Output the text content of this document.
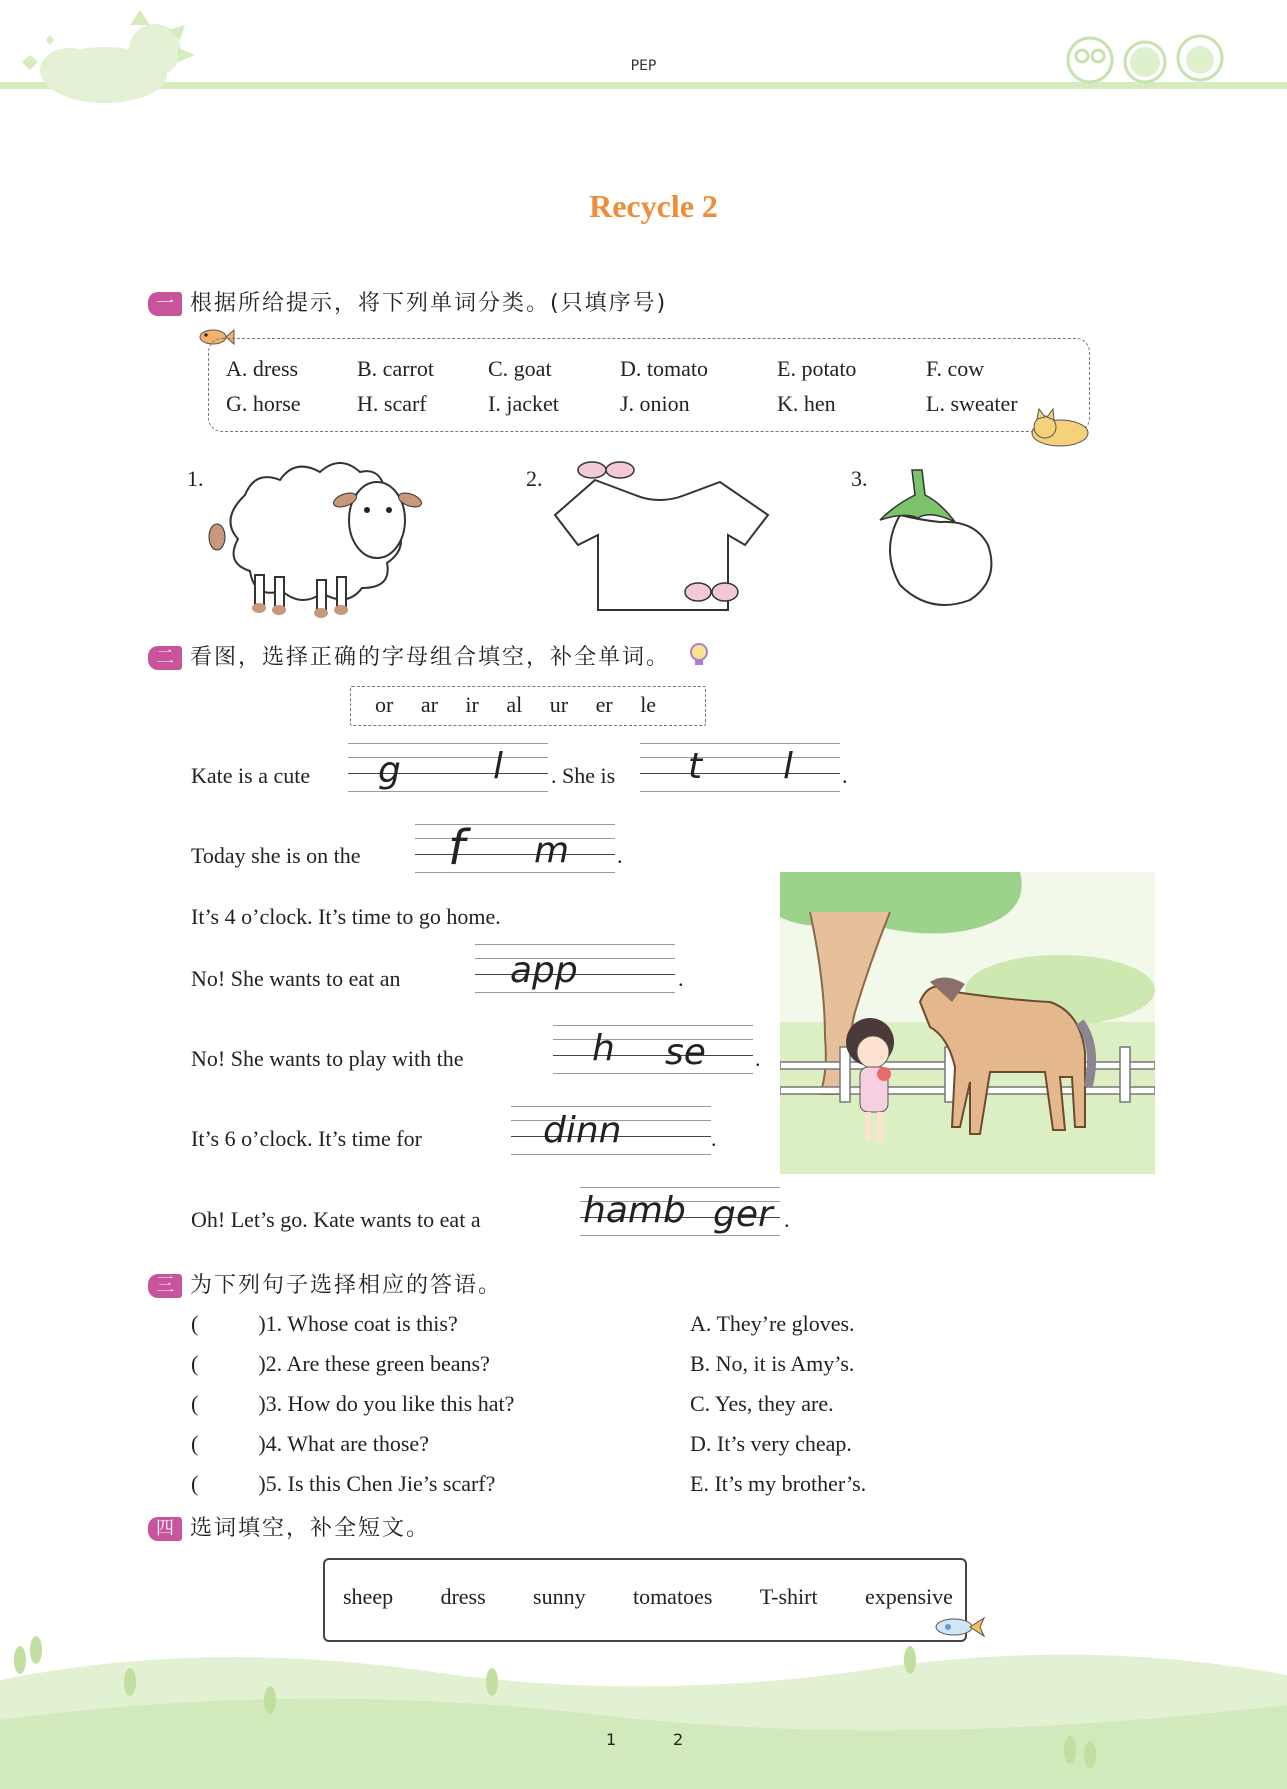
PEP
Recycle 2
一 根据所给提示，将下列单词分类。(只填序号)
A. dress	B. carrot C. goat	D. tomato	E. potato	F. cow
G. horse	H. scarf	I. jacket	J. onion	K. hen	L. sweater
1.	2.	3.
二 看图，选择正确的字母组合填空，补全单词。
or ar ir al ur er le
Kate is a cute g	l . She is t l .
Today she is on the f m .
It’s 4 o’clock. It’s time to go home.
No! She wants to eat an	app	.
No! She wants to play with the	h se .
It’s 6 o’clock. It’s time for	dinn	.
Oh! Let’s go. Kate wants to eat a	hamb ger .
三 为下列句子选择相应的答语。
(	)1. Whose coat is this?
(	)2. Are these green beans?
(	)3. How do you like this hat?
(	)4. What are those?
(	)5. Is this Chen Jie’s scarf?
A. They’re gloves.
B. No, it is Amy’s.
C. Yes, they are.
D. It’s very cheap.
E. It’s my brother’s.
四 选词填空，补全短文。
sheep dress sunny tomatoes T-shirt expensive
1	2
